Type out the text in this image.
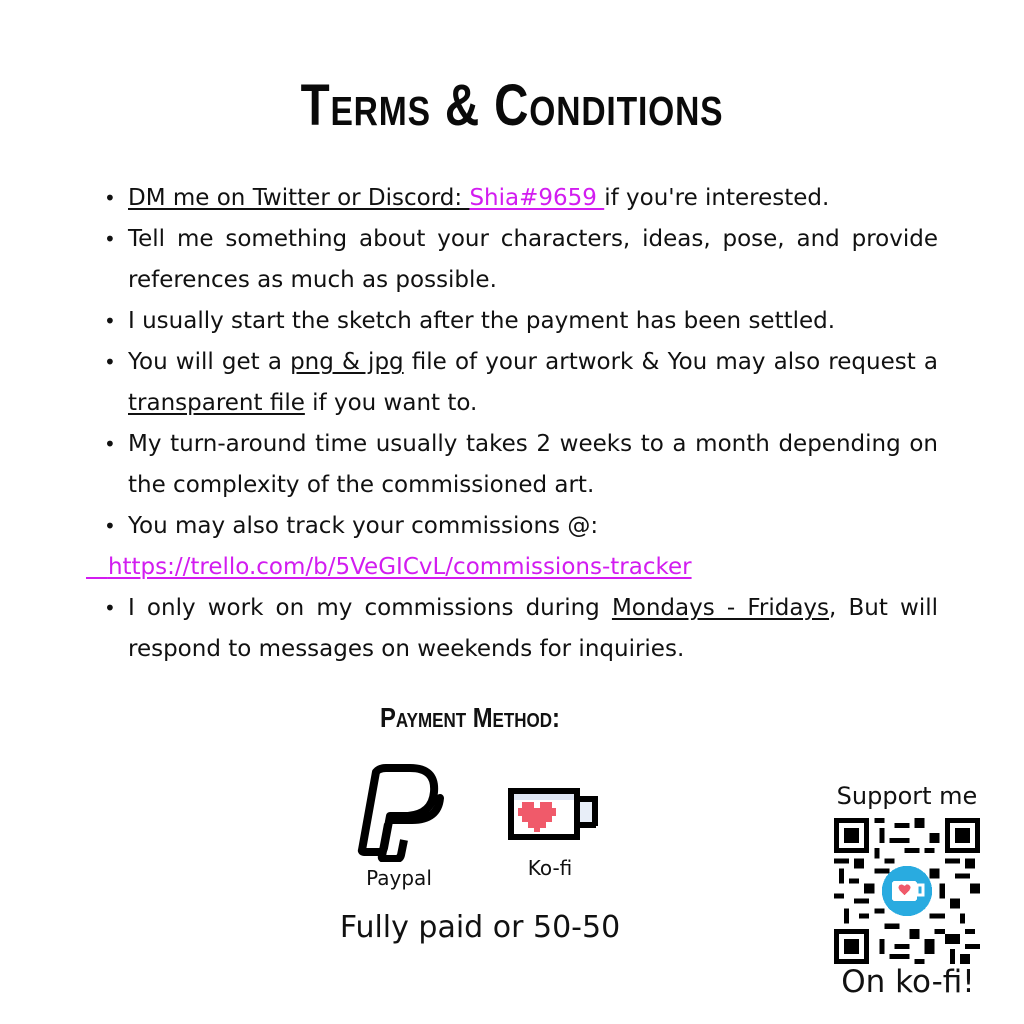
Terms & Conditions
• DM me on Twitter or Discord: Shia#9659 if you're interested.
• Tell me something about your characters, ideas, pose, and provide references as much as possible.
• I usually start the sketch after the payment has been settled.
• You will get a png & jpg file of your artwork & You may also request a transparent file if you want to.
• My turn-around time usually takes 2 weeks to a month depending on the complexity of the commissioned art.
• You may also track your commissions @:
https://trello.com/b/5VeGICvL/commissions-tracker
• I only work on my commissions during Mondays - Fridays, But will respond to messages on weekends for inquiries.
Payment Method:
Paypal	Ko-fi
Fully paid or 50-50
Support me
On ko-fi!
